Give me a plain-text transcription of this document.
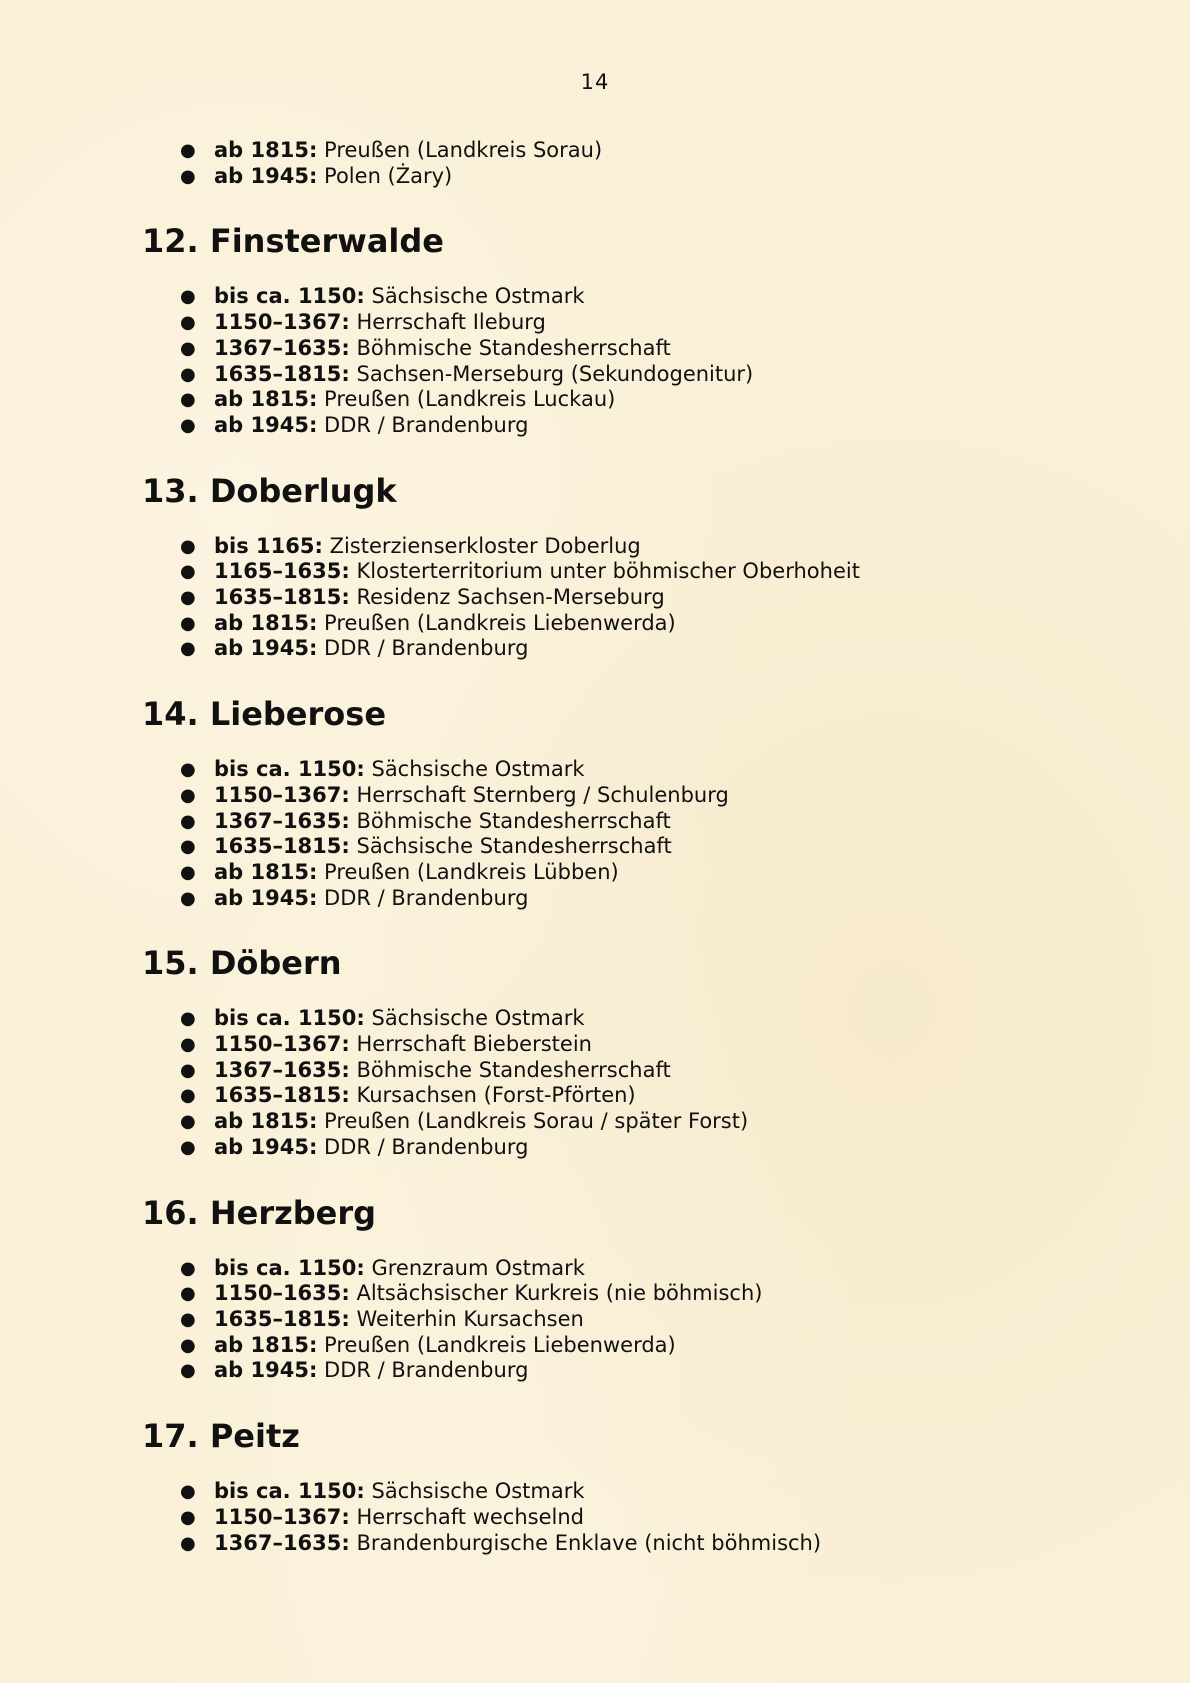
14
● ab 1815: Preußen (Landkreis Sorau)
● ab 1945: Polen (Żary)
12. Finsterwalde
● bis ca. 1150: Sächsische Ostmark
● 1150–1367: Herrschaft Ileburg
● 1367–1635: Böhmische Standesherrschaft
● 1635–1815: Sachsen-Merseburg (Sekundogenitur)
● ab 1815: Preußen (Landkreis Luckau)
● ab 1945: DDR / Brandenburg
13. Doberlugk
● bis 1165: Zisterzienserkloster Doberlug
● 1165–1635: Klosterterritorium unter böhmischer Oberhoheit
● 1635–1815: Residenz Sachsen-Merseburg
● ab 1815: Preußen (Landkreis Liebenwerda)
● ab 1945: DDR / Brandenburg
14. Lieberose
● bis ca. 1150: Sächsische Ostmark
● 1150–1367: Herrschaft Sternberg / Schulenburg
● 1367–1635: Böhmische Standesherrschaft
● 1635–1815: Sächsische Standesherrschaft
● ab 1815: Preußen (Landkreis Lübben)
● ab 1945: DDR / Brandenburg
15. Döbern
● bis ca. 1150: Sächsische Ostmark
● 1150–1367: Herrschaft Bieberstein
● 1367–1635: Böhmische Standesherrschaft
● 1635–1815: Kursachsen (Forst-Pförten)
● ab 1815: Preußen (Landkreis Sorau / später Forst)
● ab 1945: DDR / Brandenburg
16. Herzberg
● bis ca. 1150: Grenzraum Ostmark
● 1150–1635: Altsächsischer Kurkreis (nie böhmisch)
● 1635–1815: Weiterhin Kursachsen
● ab 1815: Preußen (Landkreis Liebenwerda)
● ab 1945: DDR / Brandenburg
17. Peitz
● bis ca. 1150: Sächsische Ostmark
● 1150–1367: Herrschaft wechselnd
● 1367–1635: Brandenburgische Enklave (nicht böhmisch)
